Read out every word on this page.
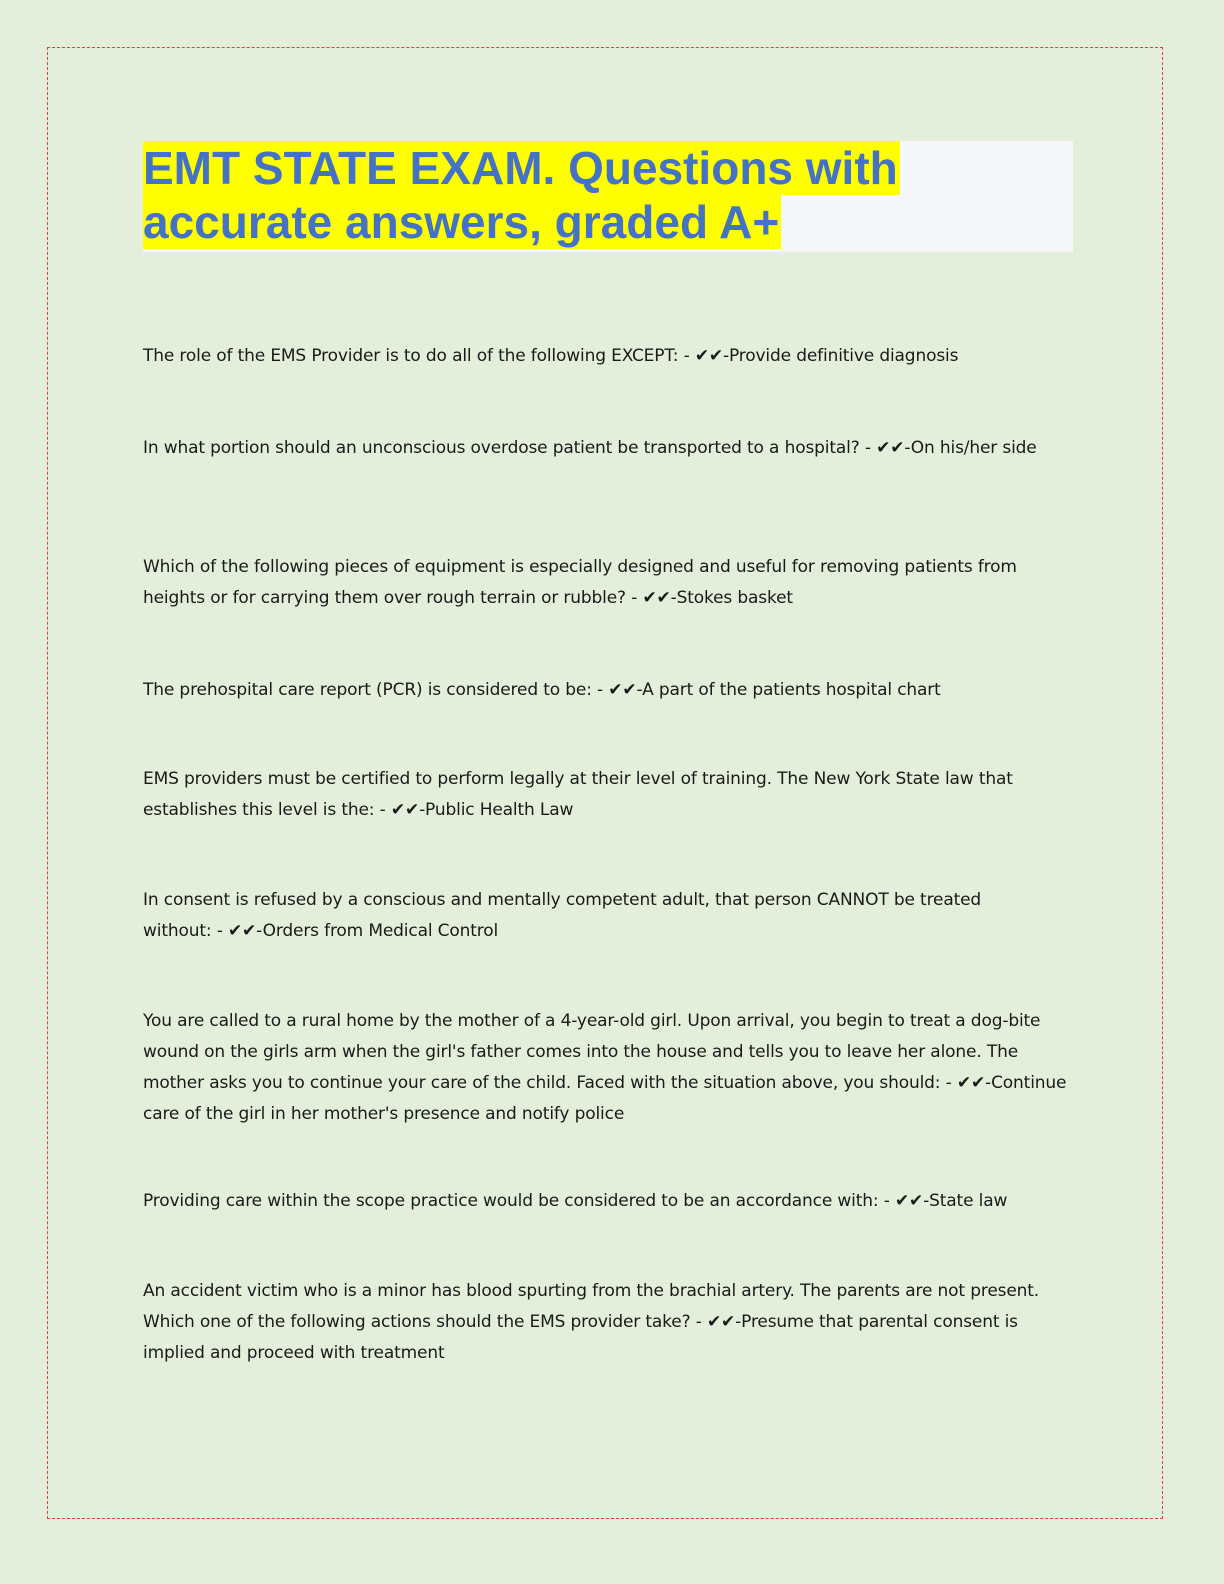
EMT STATE EXAM. Questions with
accurate answers, graded A+
The role of the EMS Provider is to do all of the following EXCEPT: - ✔✔-Provide definitive diagnosis
In what portion should an unconscious overdose patient be transported to a hospital? - ✔✔-On his/her side
Which of the following pieces of equipment is especially designed and useful for removing patients from heights or for carrying them over rough terrain or rubble? - ✔✔-Stokes basket
The prehospital care report (PCR) is considered to be: - ✔✔-A part of the patients hospital chart
EMS providers must be certified to perform legally at their level of training. The New York State law that establishes this level is the: - ✔✔-Public Health Law
In consent is refused by a conscious and mentally competent adult, that person CANNOT be treated without: - ✔✔-Orders from Medical Control
You are called to a rural home by the mother of a 4-year-old girl. Upon arrival, you begin to treat a dog-bite wound on the girls arm when the girl's father comes into the house and tells you to leave her alone. The mother asks you to continue your care of the child. Faced with the situation above, you should: - ✔✔-Continue care of the girl in her mother's presence and notify police
Providing care within the scope practice would be considered to be an accordance with: - ✔✔-State law
An accident victim who is a minor has blood spurting from the brachial artery. The parents are not present. Which one of the following actions should the EMS provider take? - ✔✔-Presume that parental consent is implied and proceed with treatment
